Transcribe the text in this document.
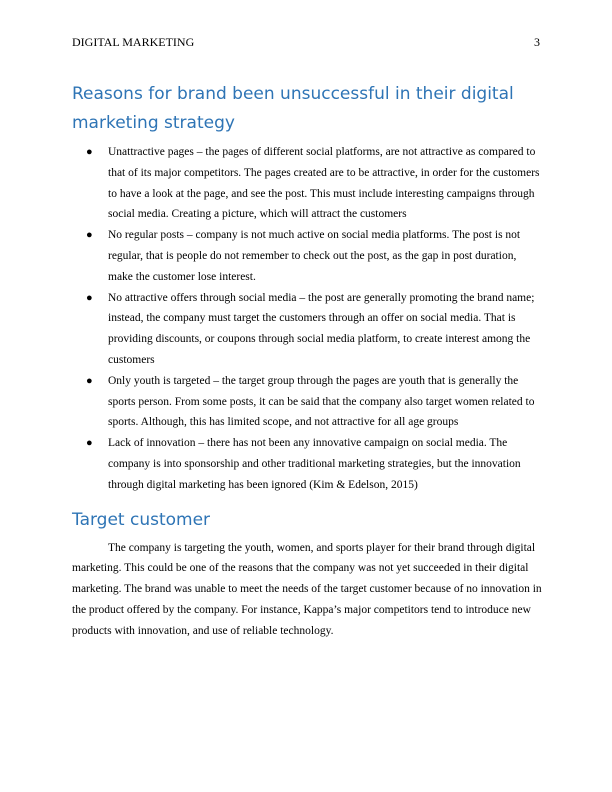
DIGITAL MARKETING	3
Reasons for brand been unsuccessful in their digital marketing strategy
● Unattractive pages – the pages of different social platforms, are not attractive as compared to that of its major competitors. The pages created are to be attractive, in order for the customers to have a look at the page, and see the post. This must include interesting campaigns through social media. Creating a picture, which will attract the customers
● No regular posts – company is not much active on social media platforms. The post is not regular, that is people do not remember to check out the post, as the gap in post duration, make the customer lose interest.
● No attractive offers through social media – the post are generally promoting the brand name; instead, the company must target the customers through an offer on social media. That is providing discounts, or coupons through social media platform, to create interest among the customers
● Only youth is targeted – the target group through the pages are youth that is generally the sports person. From some posts, it can be said that the company also target women related to sports. Although, this has limited scope, and not attractive for all age groups
● Lack of innovation – there has not been any innovative campaign on social media. The company is into sponsorship and other traditional marketing strategies, but the innovation through digital marketing has been ignored (Kim & Edelson, 2015)
Target customer

The company is targeting the youth, women, and sports player for their brand through digital marketing. This could be one of the reasons that the company was not yet succeeded in their digital marketing. The brand was unable to meet the needs of the target customer because of no innovation in the product offered by the company. For instance, Kappa’s major competitors tend to introduce new products with innovation, and use of reliable technology.
